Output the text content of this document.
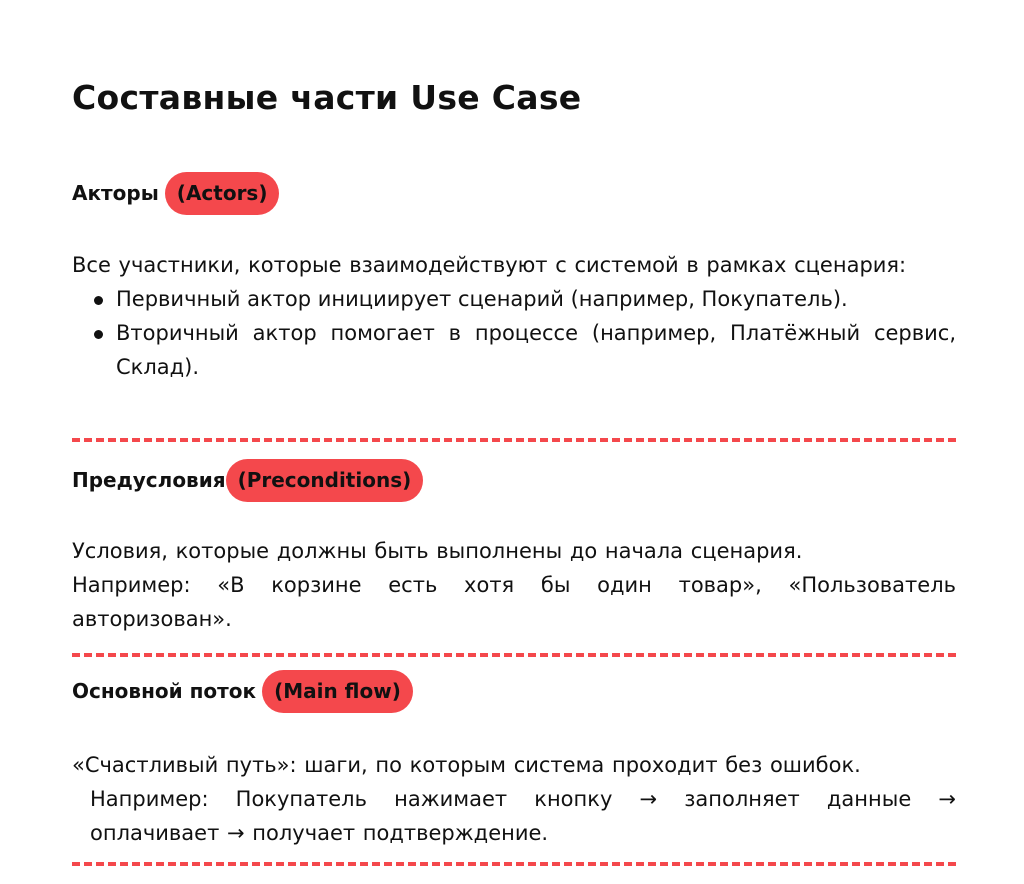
Составные части Use Case
Акторы (Actors)

Все участники, которые взаимодействуют с системой в рамках сценария:

Первичный актор инициирует сценарий (например, Покупатель).
Вторичный актор помогает в процессе (например, Платёжный сервис, Склад).
Предусловия (Preconditions)

Условия, которые должны быть выполнены до начала сценария.

Например: «В корзине есть хотя бы один товар», «Пользователь авторизован».

Основной поток (Main flow)

«Счастливый путь»: шаги, по которым система проходит без ошибок.

Например: Покупатель нажимает кнопку → заполняет данные → оплачивает → получает подтверждение.
